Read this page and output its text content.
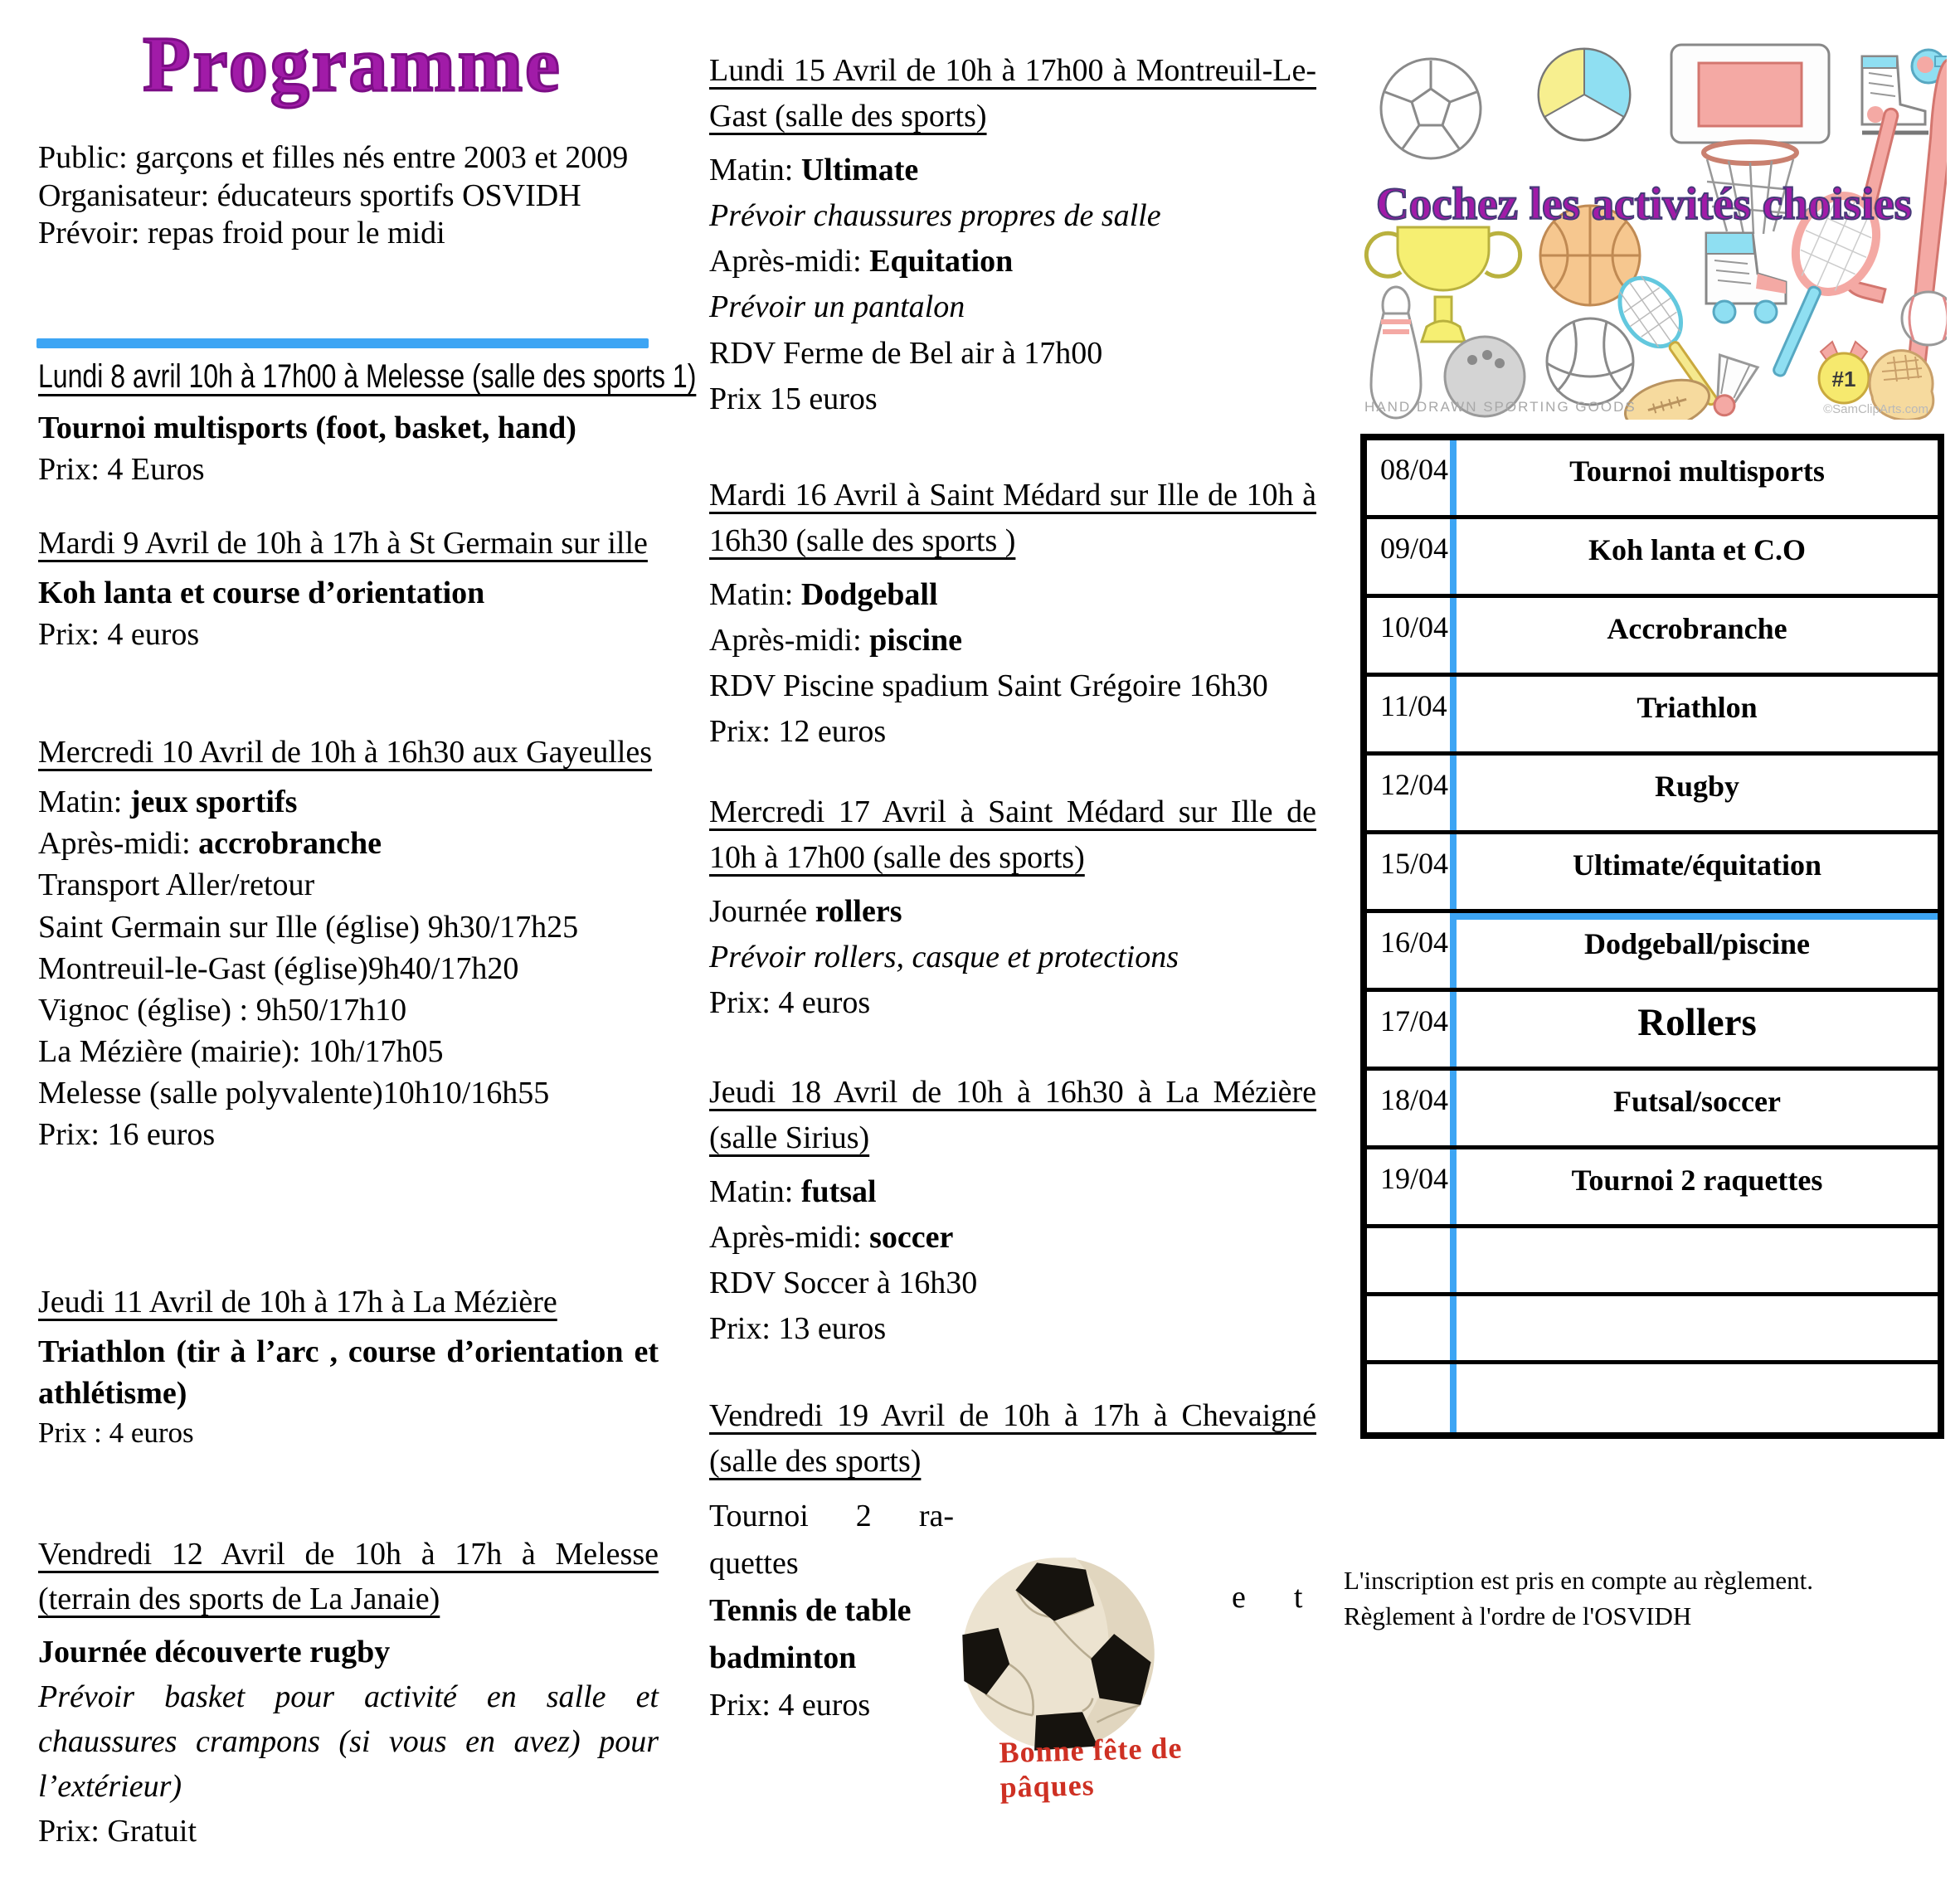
Programme

Public: garçons et filles nés entre 2003 et 2009

Organisateur: éducateurs sportifs OSVIDH

Prévoir: repas froid pour le midi

Lundi 8 avril 10h à 17h00 à Melesse (salle des sports 1)

Tournoi multisports (foot, basket, hand)

Prix: 4 Euros

Mardi 9 Avril de 10h à 17h à St Germain sur ille

Koh lanta et course d’orientation

Prix: 4 euros

Mercredi 10 Avril de 10h à 16h30 aux Gayeulles

Matin: jeux sportifs

Après-midi: accrobranche

Transport Aller/retour

Saint Germain sur Ille (église) 9h30/17h25

Montreuil-le-Gast (église)9h40/17h20

Vignoc (église) : 9h50/17h10

La Mézière (mairie): 10h/17h05

Melesse (salle polyvalente)10h10/16h55

Prix: 16 euros

Jeudi 11 Avril de 10h à 17h à La Mézière

Triathlon (tir à l’arc , course d’orientation et athlétisme)

Prix : 4 euros

Vendredi 12 Avril de 10h à 17h à Melesse (terrain des sports de La Janaie)

Journée découverte rugby

Prévoir basket pour activité en salle et chaussures crampons (si vous en avez) pour l’extérieur)

Prix: Gratuit

Lundi 15 Avril de 10h à 17h00 à Montreuil-Le-Gast (salle des sports)

Matin: Ultimate

Prévoir chaussures propres de salle

Après-midi: Equitation

Prévoir un pantalon

RDV Ferme de Bel air à 17h00

Prix 15 euros

Mardi 16 Avril à Saint Médard sur Ille de 10h à 16h30 (salle des sports )

Matin: Dodgeball

Après-midi: piscine

RDV Piscine spadium Saint Grégoire 16h30

Prix: 12 euros

Mercredi 17 Avril à Saint Médard sur Ille de 10h à 17h00 (salle des sports)

Journée rollers

Prévoir rollers, casque et protections

Prix: 4 euros

Jeudi 18 Avril de 10h à 16h30 à La Mézière (salle Sirius)

Matin: futsal

Après-midi: soccer

RDV Soccer à 16h30

Prix: 13 euros

Vendredi 19 Avril de 10h à 17h à Chevaigné (salle des sports)

Tournoi 2 ra-

quettes

Tennis de table

badminton

Prix: 4 euros

et
Bonne fête de pâques
#1
HAND DRAWN SPORTING GOODS	©SamClipArts.com
Cochez les activités choisies
08/04	Tournoi multisports
09/04	Koh lanta et C.O
10/04	Accrobranche
11/04	Triathlon
12/04	Rugby
15/04	Ultimate/équitation
16/04	Dodgeball/piscine
17/04	Rollers
18/04	Futsal/soccer
19/04	Tournoi 2 raquettes
L'inscription est pris en compte au règlement. Règlement à l'ordre de l'OSVIDH
